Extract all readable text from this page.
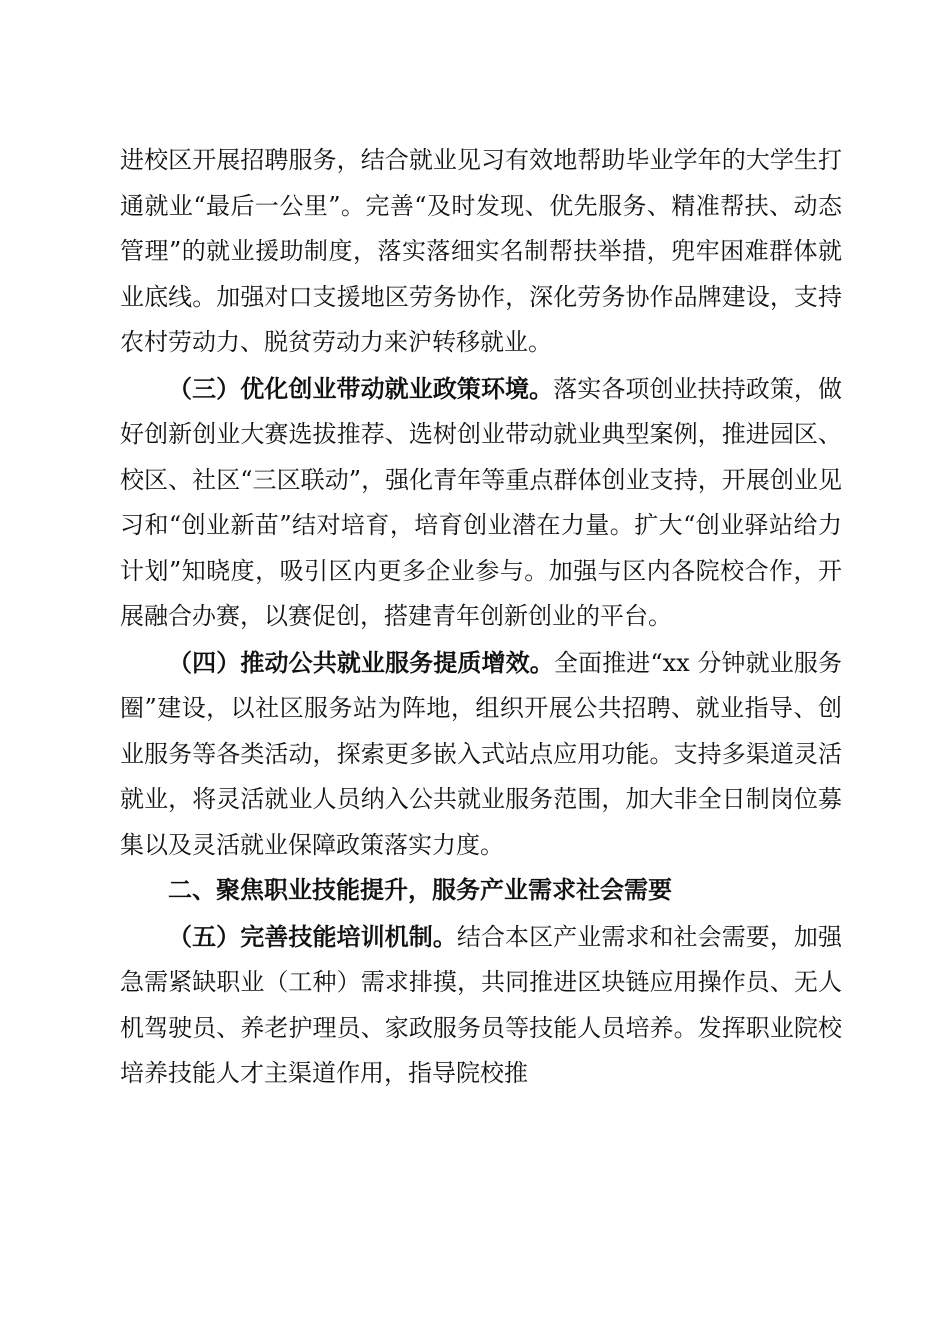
进校区开展招聘服务，结合就业见习有效地帮助毕业学年的大学生打通就业“最后一公里”。完善“及时发现、优先服务、精准帮扶、动态管理”的就业援助制度，落实落细实名制帮扶举措，兜牢困难群体就业底线。加强对口支援地区劳务协作，深化劳务协作品牌建设，支持农村劳动力、脱贫劳动力来沪转移就业。

（三）优化创业带动就业政策环境。落实各项创业扶持政策，做好创新创业大赛选拔推荐、选树创业带动就业典型案例，推进园区、校区、社区“三区联动”，强化青年等重点群体创业支持，开展创业见习和“创业新苗”结对培育，培育创业潜在力量。扩大“创业驿站给力计划”知晓度，吸引区内更多企业参与。加强与区内各院校合作，开展融合办赛，以赛促创，搭建青年创新创业的平台。

（四）推动公共就业服务提质增效。全面推进“xx 分钟就业服务圈”建设，以社区服务站为阵地，组织开展公共招聘、就业指导、创业服务等各类活动，探索更多嵌入式站点应用功能。支持多渠道灵活就业，将灵活就业人员纳入公共就业服务范围，加大非全日制岗位募集以及灵活就业保障政策落实力度。

二、聚焦职业技能提升，服务产业需求社会需要

（五）完善技能培训机制。结合本区产业需求和社会需要，加强急需紧缺职业（工种）需求排摸，共同推进区块链应用操作员、无人机驾驶员、养老护理员、家政服务员等技能人员培养。发挥职业院校培养技能人才主渠道作用，指导院校推
